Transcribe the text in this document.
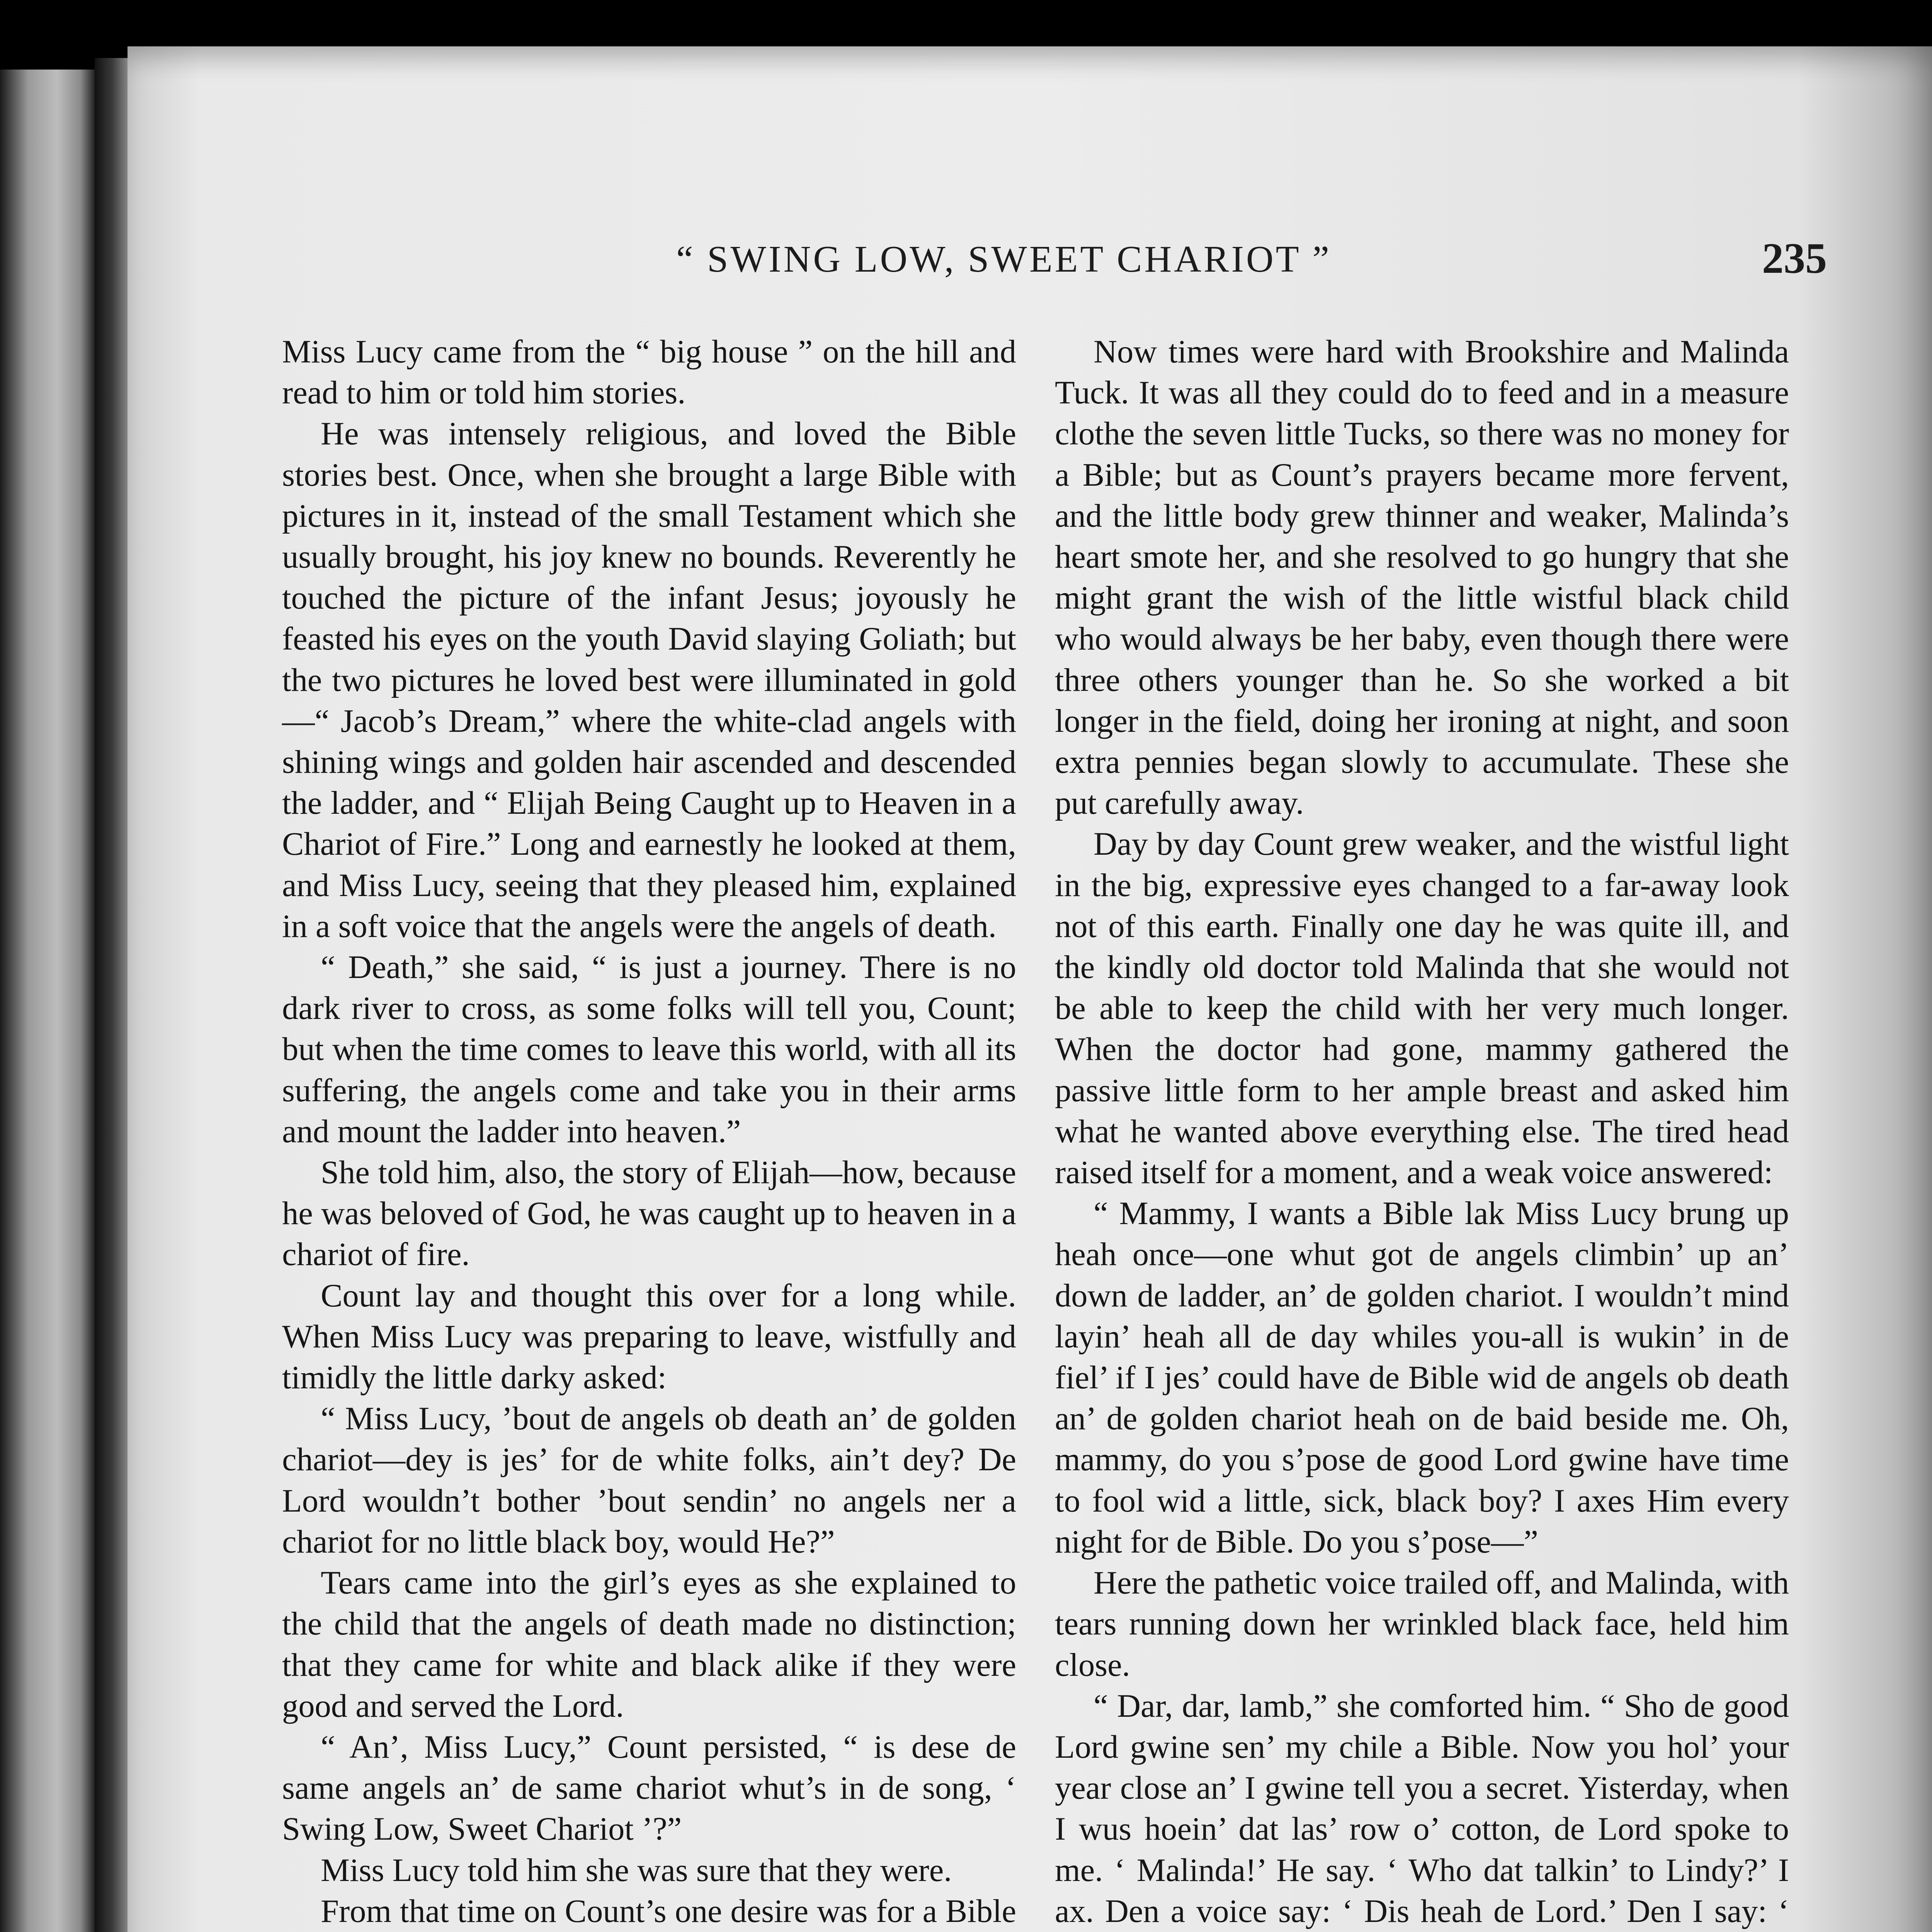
“ SWING LOW, SWEET CHARIOT ”	235

Miss Lucy came from the “ big house ” on the hill and read to him or told him stories.

He was intensely religious, and loved the Bible stories best. Once, when she brought a large Bible with pictures in it, instead of the small Testament which she usually brought, his joy knew no bounds. Reverently he touched the picture of the infant Jesus; joyously he feasted his eyes on the youth David slaying Goliath; but the two pictures he loved best were illuminated in gold—“ Jacob’s Dream,” where the white-clad angels with shining wings and golden hair ascended and descended the ladder, and “ Elijah Being Caught up to Heaven in a Chariot of Fire.” Long and earnestly he looked at them, and Miss Lucy, seeing that they pleased him, explained in a soft voice that the angels were the angels of death.

“ Death,” she said, “ is just a journey. There is no dark river to cross, as some folks will tell you, Count; but when the time comes to leave this world, with all its suffering, the angels come and take you in their arms and mount the ladder into heaven.”

She told him, also, the story of Elijah—how, because he was beloved of God, he was caught up to heaven in a chariot of fire.

Count lay and thought this over for a long while. When Miss Lucy was preparing to leave, wistfully and timidly the little darky asked:

“ Miss Lucy, ’bout de angels ob death an’ de golden chariot—dey is jes’ for de white folks, ain’t dey? De Lord wouldn’t bother ’bout sendin’ no angels ner a chariot for no little black boy, would He?”

Tears came into the girl’s eyes as she explained to the child that the angels of death made no distinction; that they came for white and black alike if they were good and served the Lord.

“ An’, Miss Lucy,” Count persisted, “ is dese de same angels an’ de same chariot whut’s in de song, ‘ Swing Low, Sweet Chariot ’?”

Miss Lucy told him she was sure that they were.

From that time on Count’s one desire was for a Bible

Now times were hard with Brookshire and Malinda Tuck. It was all they could do to feed and in a measure clothe the seven little Tucks, so there was no money for a Bible; but as Count’s prayers became more fervent, and the little body grew thinner and weaker, Malinda’s heart smote her, and she resolved to go hungry that she might grant the wish of the little wistful black child who would always be her baby, even though there were three others younger than he. So she worked a bit longer in the field, doing her ironing at night, and soon extra pennies began slowly to accumulate. These she put carefully away.

Day by day Count grew weaker, and the wistful light in the big, expressive eyes changed to a far-away look not of this earth. Finally one day he was quite ill, and the kindly old doctor told Malinda that she would not be able to keep the child with her very much longer. When the doctor had gone, mammy gathered the passive little form to her ample breast and asked him what he wanted above everything else. The tired head raised itself for a moment, and a weak voice answered:

“ Mammy, I wants a Bible lak Miss Lucy brung up heah once—one whut got de angels climbin’ up an’ down de ladder, an’ de golden chariot. I wouldn’t mind layin’ heah all de day whiles you-all is wukin’ in de fiel’ if I jes’ could have de Bible wid de angels ob death an’ de golden chariot heah on de baid beside me. Oh, mammy, do you s’pose de good Lord gwine have time to fool wid a little, sick, black boy? I axes Him every night for de Bible. Do you s’pose—”

Here the pathetic voice trailed off, and Malinda, with tears running down her wrinkled black face, held him close.

“ Dar, dar, lamb,” she comforted him. “ Sho de good Lord gwine sen’ my chile a Bible. Now you hol’ your year close an’ I gwine tell you a secret. Yisterday, when I wus hoein’ dat las’ row o’ cotton, de Lord spoke to me. ‘ Malinda!’ He say. ‘ Who dat talkin’ to Lindy?’ I ax. Den a voice say: ‘ Dis heah de Lord.’ Den I say: ‘
